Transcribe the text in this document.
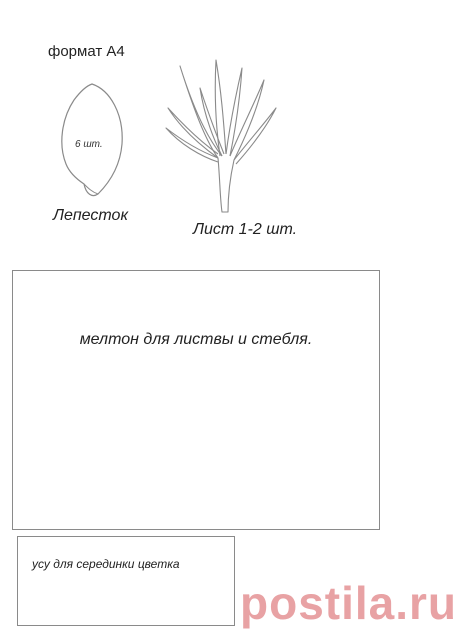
формат А4
6 шт.
Лепесток
Лист 1-2 шт.
мелтон для листвы и стебля.
усу для серединки цветка
postila.ru
